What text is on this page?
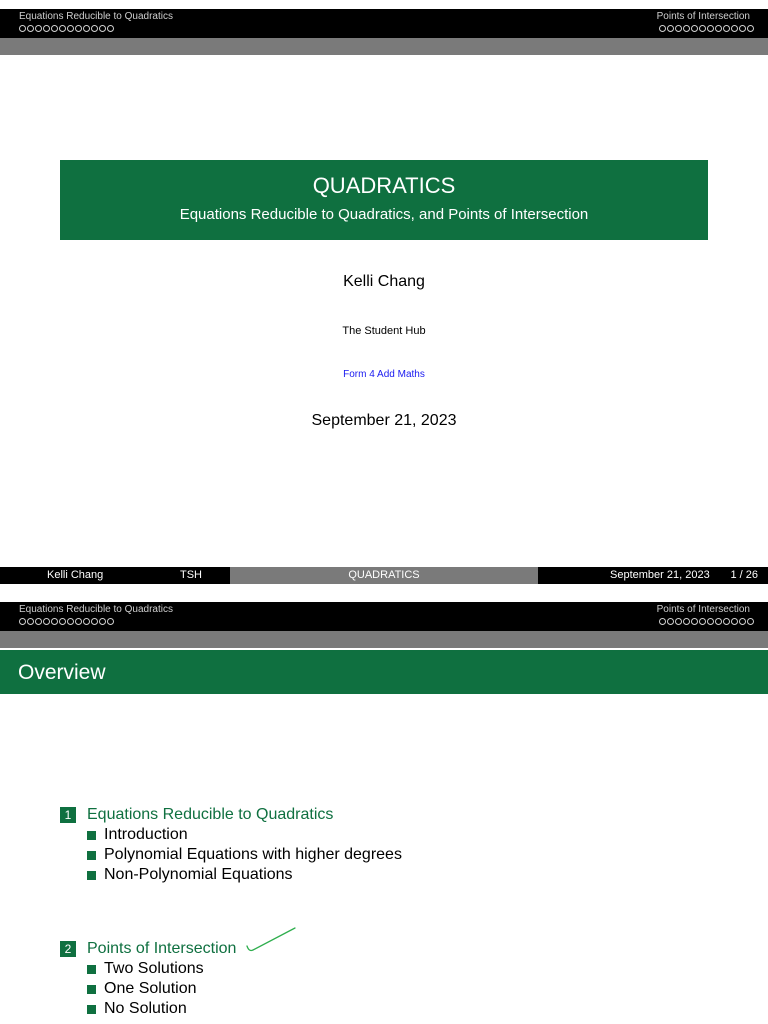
Equations Reducible to Quadratics	Points of Intersection
QUADRATICS
Equations Reducible to Quadratics, and Points of Intersection
Kelli Chang
The Student Hub
Form 4 Add Maths
September 21, 2023
Kelli Chang	TSH	QUADRATICS	September 21, 2023 1 / 26
Equations Reducible to Quadratics	Points of Intersection
Overview
1 Equations Reducible to Quadratics
Introduction
Polynomial Equations with higher degrees
Non-Polynomial Equations
2 Points of Intersection
Two Solutions
One Solution
No Solution
